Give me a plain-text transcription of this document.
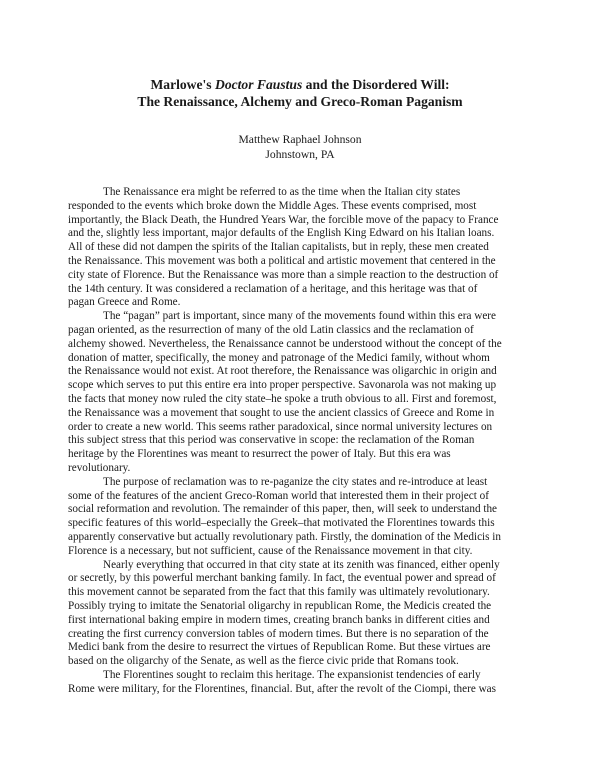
Marlowe's Doctor Faustus and the Disordered Will:
The Renaissance, Alchemy and Greco-Roman Paganism
Matthew Raphael Johnson
Johnstown, PA

The Renaissance era might be referred to as the time when the Italian city states
responded to the events which broke down the Middle Ages. These events comprised, most
importantly, the Black Death, the Hundred Years War, the forcible move of the papacy to France
and the, slightly less important, major defaults of the English King Edward on his Italian loans.
All of these did not dampen the spirits of the Italian capitalists, but in reply, these men created
the Renaissance. This movement was both a political and artistic movement that centered in the
city state of Florence. But the Renaissance was more than a simple reaction to the destruction of
the 14th century. It was considered a reclamation of a heritage, and this heritage was that of
pagan Greece and Rome.

The “pagan” part is important, since many of the movements found within this era were
pagan oriented, as the resurrection of many of the old Latin classics and the reclamation of
alchemy showed. Nevertheless, the Renaissance cannot be understood without the concept of the
donation of matter, specifically, the money and patronage of the Medici family, without whom
the Renaissance would not exist. At root therefore, the Renaissance was oligarchic in origin and
scope which serves to put this entire era into proper perspective. Savonarola was not making up
the facts that money now ruled the city state–he spoke a truth obvious to all. First and foremost,
the Renaissance was a movement that sought to use the ancient classics of Greece and Rome in
order to create a new world. This seems rather paradoxical, since normal university lectures on
this subject stress that this period was conservative in scope: the reclamation of the Roman
heritage by the Florentines was meant to resurrect the power of Italy. But this era was
revolutionary.

The purpose of reclamation was to re-paganize the city states and re-introduce at least
some of the features of the ancient Greco-Roman world that interested them in their project of
social reformation and revolution. The remainder of this paper, then, will seek to understand the
specific features of this world–especially the Greek–that motivated the Florentines towards this
apparently conservative but actually revolutionary path. Firstly, the domination of the Medicis in
Florence is a necessary, but not sufficient, cause of the Renaissance movement in that city.

Nearly everything that occurred in that city state at its zenith was financed, either openly
or secretly, by this powerful merchant banking family. In fact, the eventual power and spread of
this movement cannot be separated from the fact that this family was ultimately revolutionary.
Possibly trying to imitate the Senatorial oligarchy in republican Rome, the Medicis created the
first international baking empire in modern times, creating branch banks in different cities and
creating the first currency conversion tables of modern times. But there is no separation of the
Medici bank from the desire to resurrect the virtues of Republican Rome. But these virtues are
based on the oligarchy of the Senate, as well as the fierce civic pride that Romans took.

The Florentines sought to reclaim this heritage. The expansionist tendencies of early
Rome were military, for the Florentines, financial. But, after the revolt of the Ciompi, there was
